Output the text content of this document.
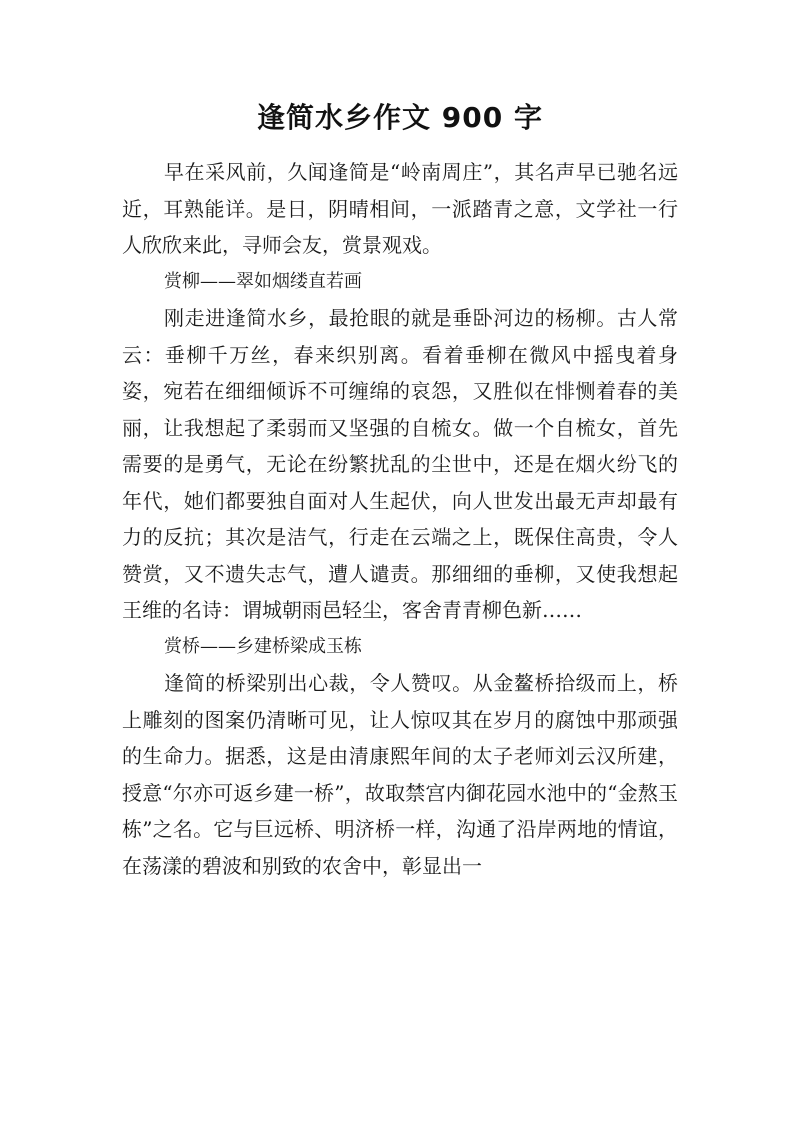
逢简水乡作文 900 字

早在采风前，久闻逢简是“岭南周庄”，其名声早已驰名远近，耳熟能详。是日，阴晴相间，一派踏青之意，文学社一行人欣欣来此，寻师会友，赏景观戏。

赏柳——翠如烟缕直若画

刚走进逢简水乡，最抢眼的就是垂卧河边的杨柳。古人常云：垂柳千万丝，春来织别离。看着垂柳在微风中摇曳着身姿，宛若在细细倾诉不可缠绵的哀怨，又胜似在悱恻着春的美丽，让我想起了柔弱而又坚强的自梳女。做一个自梳女，首先需要的是勇气，无论在纷繁扰乱的尘世中，还是在烟火纷飞的年代，她们都要独自面对人生起伏，向人世发出最无声却最有力的反抗；其次是洁气，行走在云端之上，既保住高贵，令人赞赏，又不遗失志气，遭人谴责。那细细的垂柳，又使我想起王维的名诗：谓城朝雨邑轻尘，客舍青青柳色新……

赏桥——乡建桥梁成玉栋

逢简的桥梁别出心裁，令人赞叹。从金鳌桥拾级而上，桥上雕刻的图案仍清晰可见，让人惊叹其在岁月的腐蚀中那顽强的生命力。据悉，这是由清康熙年间的太子老师刘云汉所建，授意“尔亦可返乡建一桥”，故取禁宫内御花园水池中的“金熬玉栋”之名。它与巨远桥、明济桥一样，沟通了沿岸两地的情谊，在荡漾的碧波和别致的农舍中，彰显出一
